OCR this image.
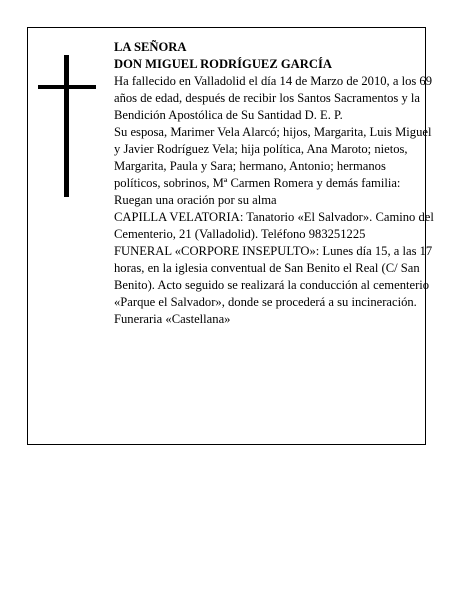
LA SEÑORA

DON MIGUEL RODRÍGUEZ GARCÍA

Ha fallecido en Valladolid el día 14 de Marzo de 2010, a los 69 años de edad, después de recibir los Santos Sacramentos y la Bendición Apostólica de Su Santidad D. E. P.

Su esposa, Marimer Vela Alarcó; hijos, Margarita, Luis Miguel y Javier Rodríguez Vela; hija política, Ana Maroto; nietos, Margarita, Paula y Sara; hermano, Antonio; hermanos políticos, sobrinos, Mª Carmen Romera y demás familia:

Ruegan una oración por su alma

CAPILLA VELATORIA: Tanatorio «El Salvador». Camino del Cementerio, 21 (Valladolid). Teléfono 983251225

FUNERAL «CORPORE INSEPULTO»: Lunes día 15, a las 17 horas, en la iglesia conventual de San Benito el Real (C/ San Benito). Acto seguido se realizará la conducción al cementerio «Parque el Salvador», donde se procederá a su incineración.

Funeraria «Castellana»
